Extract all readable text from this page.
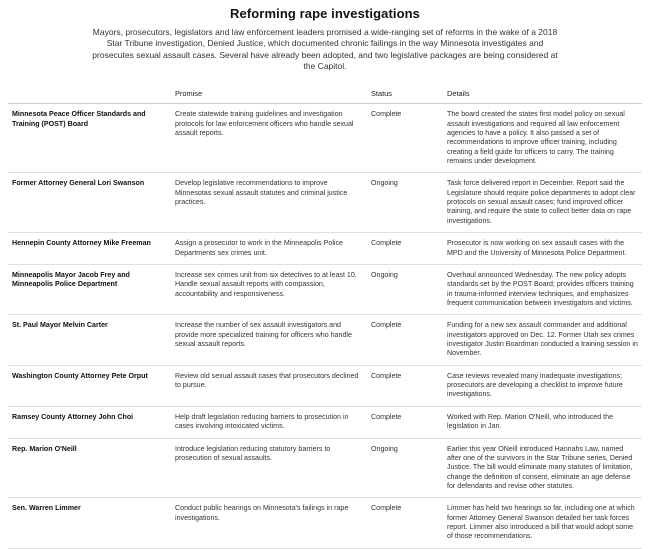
Reforming rape investigations

Mayors, prosecutors, legislators and law enforcement leaders promised a wide-ranging set of reforms in the wake of a 2018 Star Tribune investigation, Denied Justice, which documented chronic failings in the way Minnesota investigates and prosecutes sexual assault cases. Several have already been adopted, and two legislative packages are being considered at the Capitol.

	Promise	Status	Details
Minnesota Peace Officer Standards and Training (POST) Board	Create statewide training guidelines and investigation protocols for law enforcement officers who handle sexual assault reports.	Complete	The board created the states first model policy on sexual assault investigations and required all law enforcement agencies to have a policy. It also passed a set of recommendations to improve officer training, including creating a field guide for officers to carry. The training remains under development.
Former Attorney General Lori Swanson	Develop legislative recommendations to improve Minnesotas sexual assault statutes and criminal justice practices.	Ongoing	Task force delivered report in December. Report said the Legislature should require police departments to adopt clear protocols on sexual assault cases; fund improved officer training, and require the state to collect better data on rape investigations.
Hennepin County Attorney Mike Freeman	Assign a prosecutor to work in the Minneapolis Police Departments sex crimes unit.	Complete	Prosecutor is now working on sex assault cases with the MPD and the University of Minnesota Police Department.
Minneapolis Mayor Jacob Frey and Minneapolis Police Department	Increase sex crimes unit from six detectives to at least 10. Handle sexual assault reports with compassion, accountability and responsiveness.	Ongoing	Overhaul announced Wednesday. The new policy adopts standards set by the POST Board; provides officers training in trauma-informed interview techniques, and emphasizes frequent communication between investigators and victims.
St. Paul Mayor Melvin Carter	Increase the number of sex assault investigators and provide more specialized training for officers who handle sexual assault reports.	Complete	Funding for a new sex assault commander and additional investigators approved on Dec. 12. Former Utah sex crimes investigator Justin Boardman conducted a training session in November.
Washington County Attorney Pete Orput	Review old sexual assault cases that prosecutors declined to pursue.	Complete	Case reviews revealed many inadequate investigations; prosecutors are developing a checklist to improve future investigations.
Ramsey County Attorney John Choi	Help draft legislation reducing barriers to prosecution in cases involving intoxicated victims.	Complete	Worked with Rep. Marion O'Neill, who introduced the legislation in Jan.
Rep. Marion O'Neill	Introduce legislation reducing statutory barriers to prosecution of sexual assaults.	Ongoing	Earlier this year ONeill introduced Hannahs Law, named after one of the survivors in the Star Tribune series, Denied Justice. The bill would eliminate many statutes of limitation, change the definition of consent, eliminate an age defense for defendants and revise other statutes.
Sen. Warren Limmer	Conduct public hearings on Minnesota's failings in rape investigations.	Complete	Limmer has held two hearings so far, including one at which former Attorney General Swanson detailed her task forces report. Limmer also introduced a bill that would adopt some of those recommendations.
